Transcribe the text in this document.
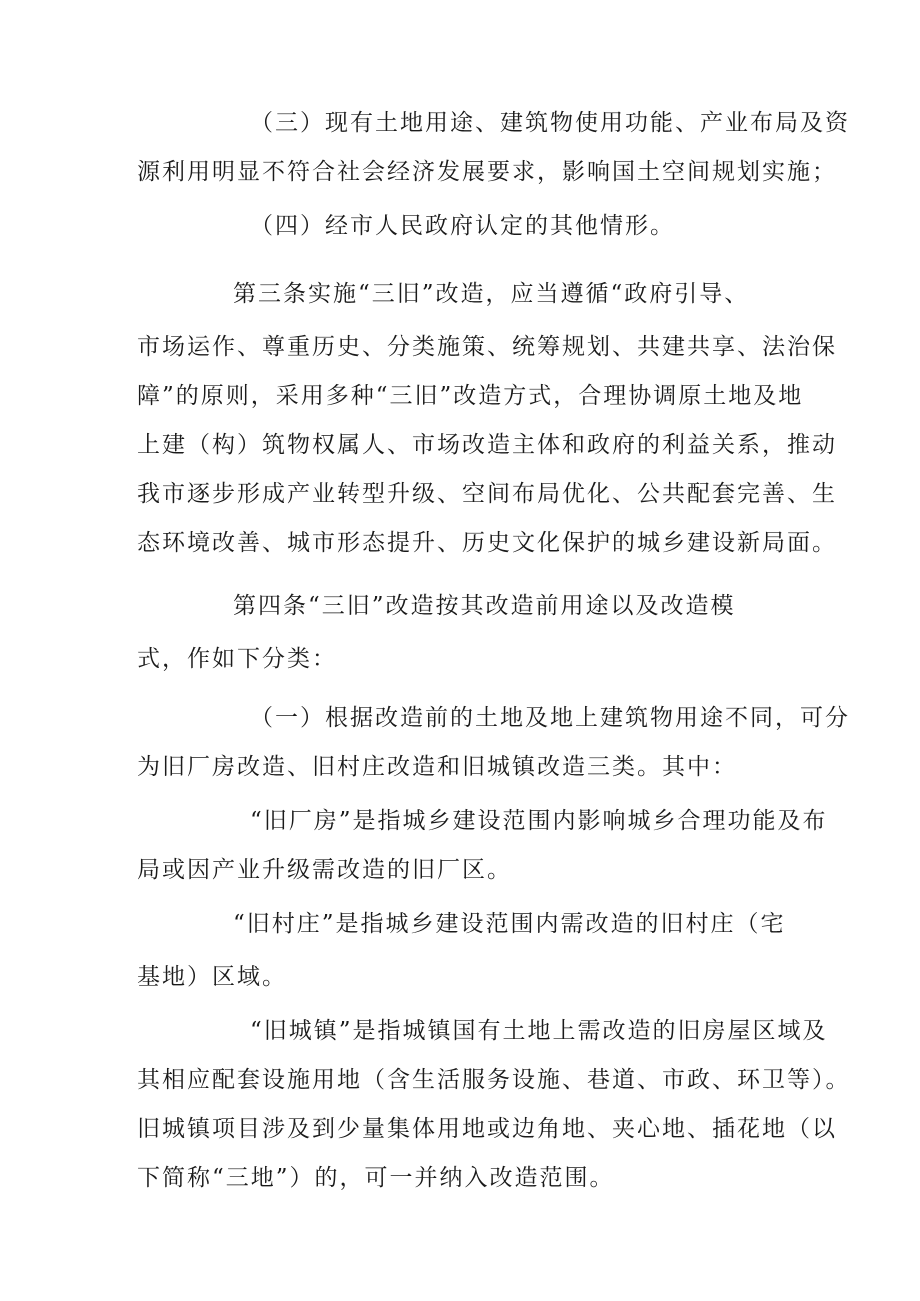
（三）现有土地用途、建筑物使用功能、产业布局及资
源利用明显不符合社会经济发展要求，影响国土空间规划实施；
（四）经市人民政府认定的其他情形。
第三条实施“三旧”改造，应当遵循“政府引导、
市场运作、尊重历史、分类施策、统筹规划、共建共享、法治保
障”的原则，采用多种“三旧”改造方式，合理协调原土地及地
上建（构）筑物权属人、市场改造主体和政府的利益关系，推动
我市逐步形成产业转型升级、空间布局优化、公共配套完善、生
态环境改善、城市形态提升、历史文化保护的城乡建设新局面。
第四条“三旧”改造按其改造前用途以及改造模
式，作如下分类：
（一）根据改造前的土地及地上建筑物用途不同，可分
为旧厂房改造、旧村庄改造和旧城镇改造三类。其中：
“旧厂房”是指城乡建设范围内影响城乡合理功能及布
局或因产业升级需改造的旧厂区。
“旧村庄”是指城乡建设范围内需改造的旧村庄（宅
基地）区域。
“旧城镇”是指城镇国有土地上需改造的旧房屋区域及
其相应配套设施用地（含生活服务设施、巷道、市政、环卫等）。
旧城镇项目涉及到少量集体用地或边角地、夹心地、插花地（以
下简称“三地”）的，可一并纳入改造范围。
